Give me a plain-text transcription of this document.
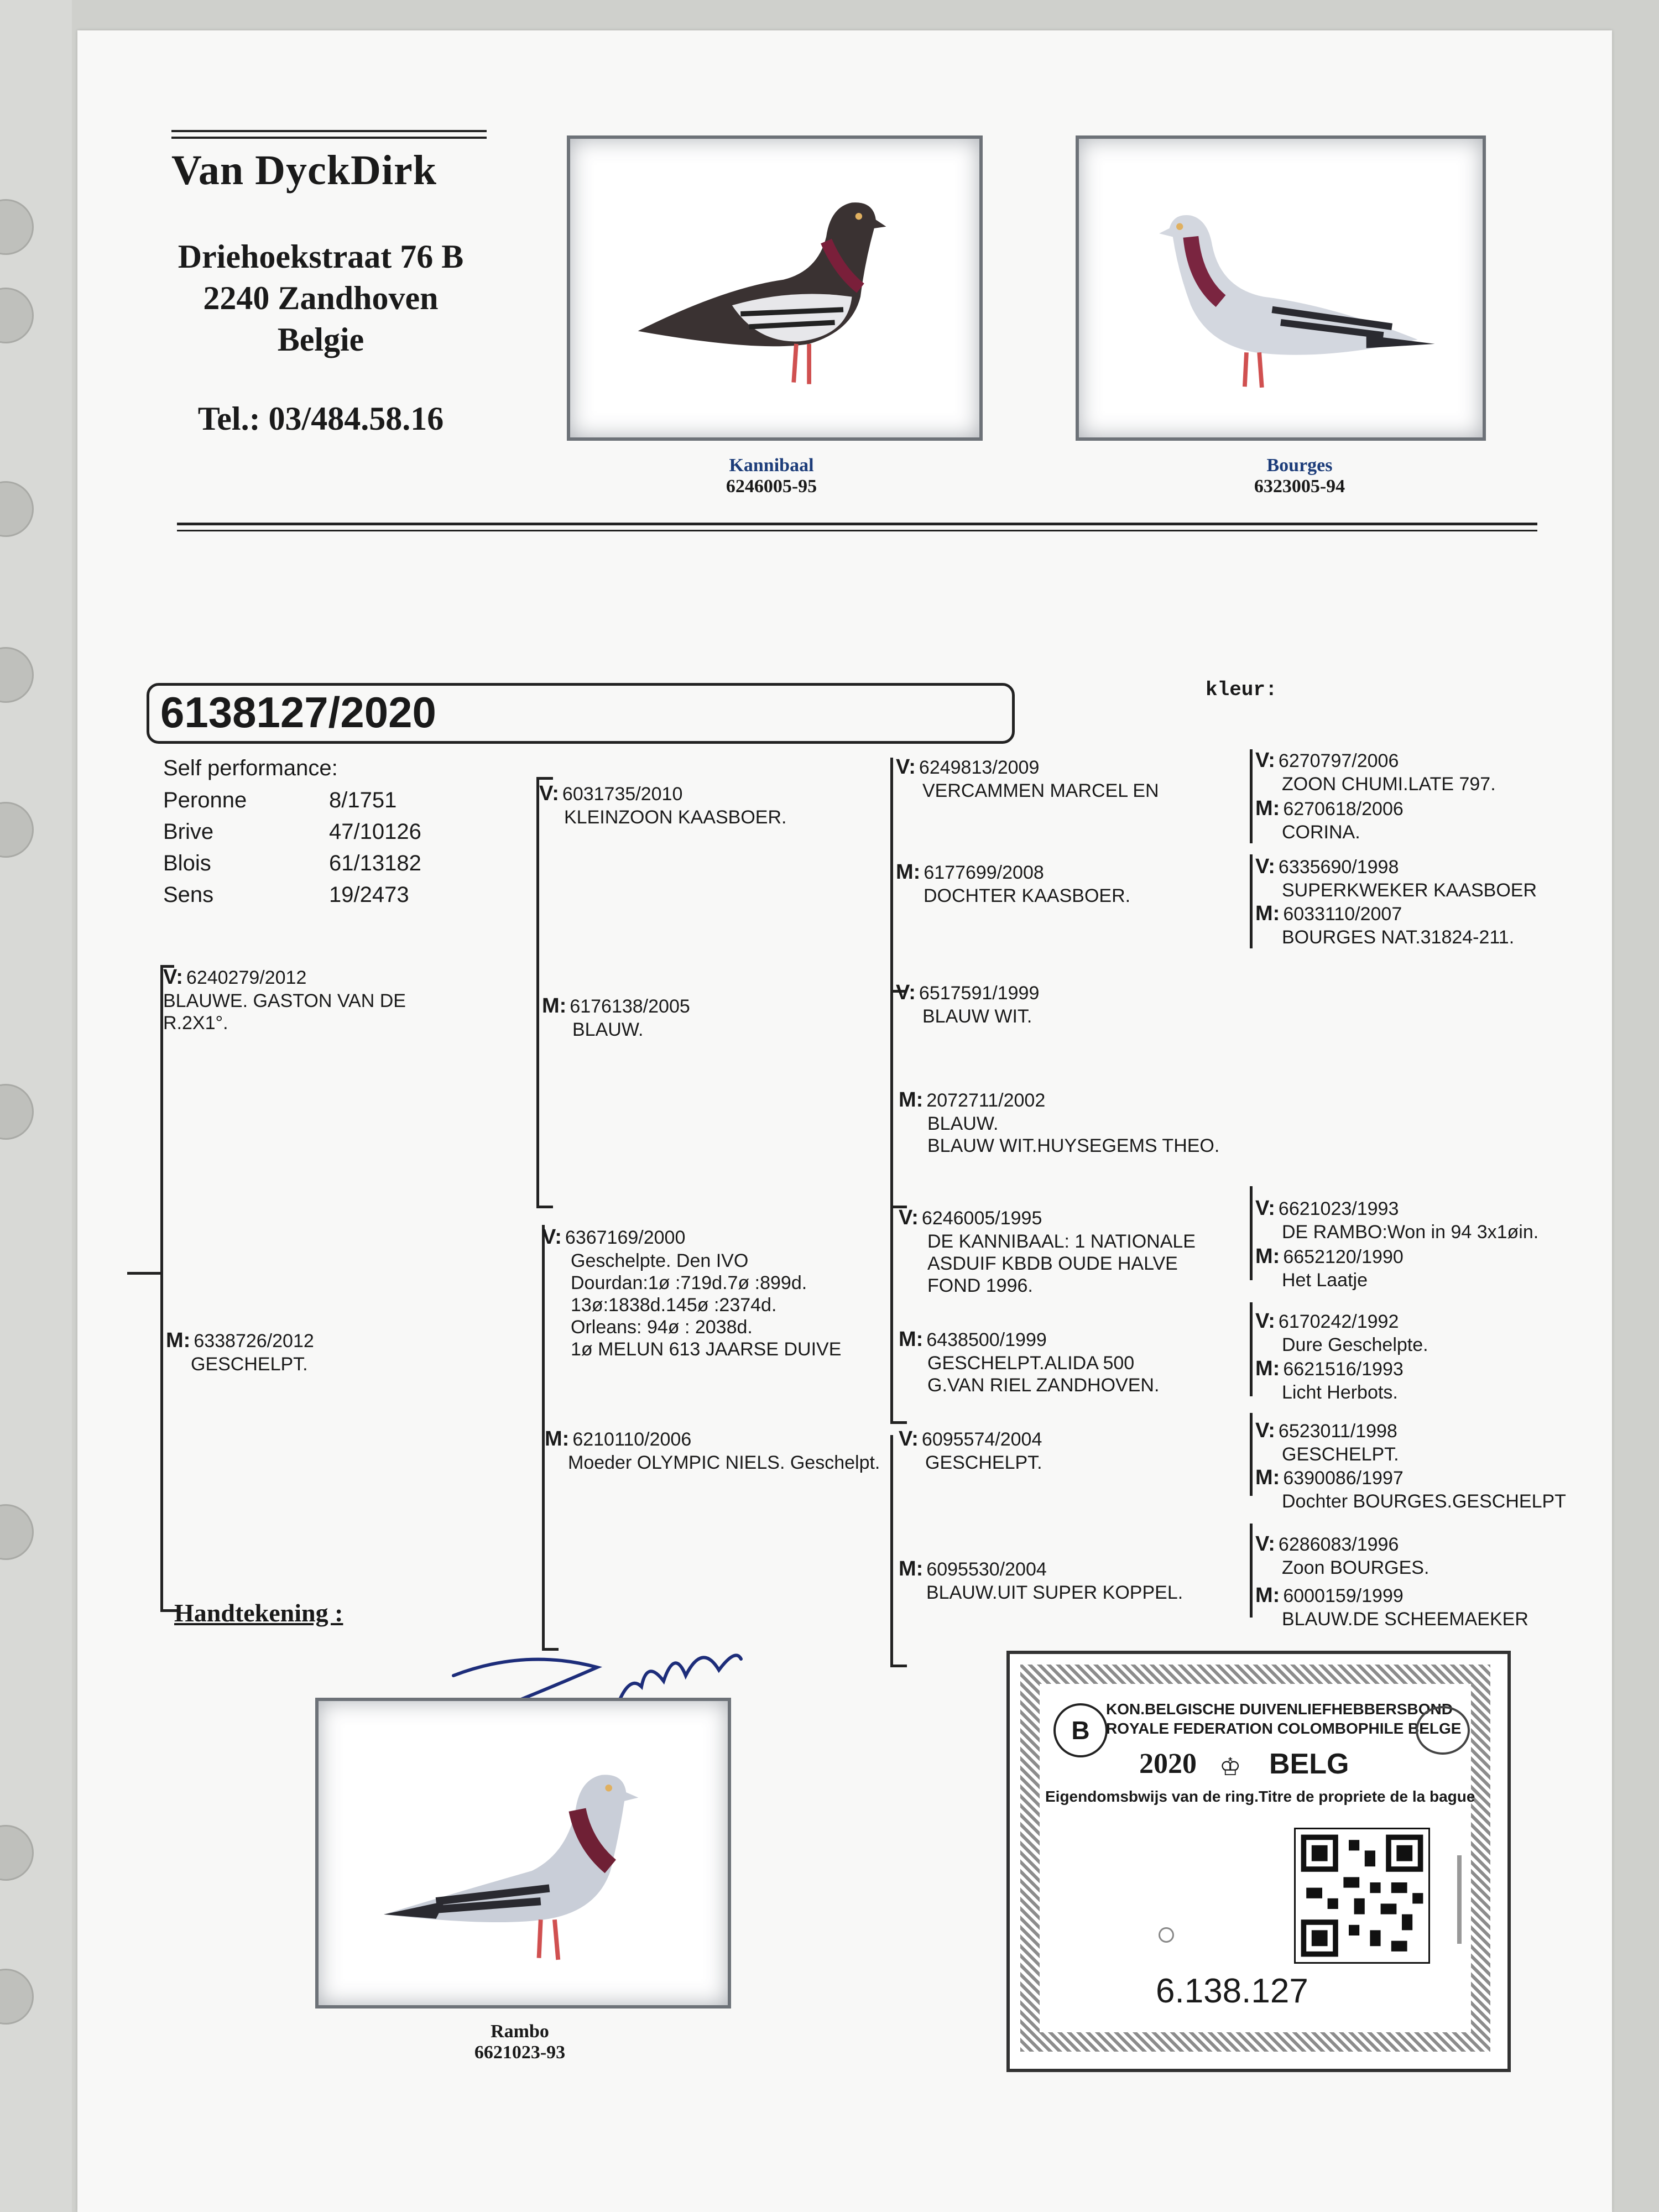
Van DyckDirk
Driehoekstraat 76 B
2240 Zandhoven
Belgie
Tel.: 03/484.58.16
Kannibaal
6246005-95
Bourges
6323005-94
6138127/2020	kleur:
Self performance:
Peronne	8/1751
Brive	47/10126
Blois	61/13182
Sens	19/2473
V: 6240279/2012
BLAUWE. GASTON VAN DE
R.2X1°.
M: 6338726/2012
GESCHELPT.
V: 6031735/2010
KLEINZOON KAASBOER.
M: 6176138/2005
BLAUW.
V: 6367169/2000
Geschelpte. Den IVO
Dourdan:1ø :719d.7ø :899d.
13ø:1838d.145ø :2374d.
Orleans: 94ø : 2038d.
1ø MELUN 613 JAARSE DUIVE
M: 6210110/2006
Moeder OLYMPIC NIELS. Geschelpt.
V: 6249813/2009
VERCAMMEN MARCEL EN
M: 6177699/2008
DOCHTER KAASBOER.
V: 6517591/1999
BLAUW WIT.
M: 2072711/2002
BLAUW.
BLAUW WIT.HUYSEGEMS THEO.
V: 6246005/1995
DE KANNIBAAL: 1 NATIONALE
ASDUIF KBDB OUDE HALVE
FOND 1996.
M: 6438500/1999
GESCHELPT.ALIDA 500
G.VAN RIEL ZANDHOVEN.
V: 6095574/2004
GESCHELPT.
M: 6095530/2004
BLAUW.UIT SUPER KOPPEL.
V: 6270797/2006
ZOON CHUMI.LATE 797.
M: 6270618/2006
CORINA.
V: 6335690/1998
SUPERKWEKER KAASBOER
M: 6033110/2007
BOURGES NAT.31824-211.
V: 6621023/1993
DE RAMBO:Won in 94 3x1øin.
M: 6652120/1990
Het Laatje
V: 6170242/1992
Dure Geschelpte.
M: 6621516/1993
Licht Herbots.
V: 6523011/1998
GESCHELPT.
M: 6390086/1997
Dochter BOURGES.GESCHELPT
V: 6286083/1996
Zoon BOURGES.
M: 6000159/1999
BLAUW.DE SCHEEMAEKER
Handtekening :
Rambo
6621023-93
B
KON.BELGISCHE DUIVENLIEFHEBBERSBOND
ROYALE FEDERATION COLOMBOPHILE BELGE
2020 ♔ BELG
Eigendomsbwijs van de ring.Titre de propriete de la bague
6.138.127
